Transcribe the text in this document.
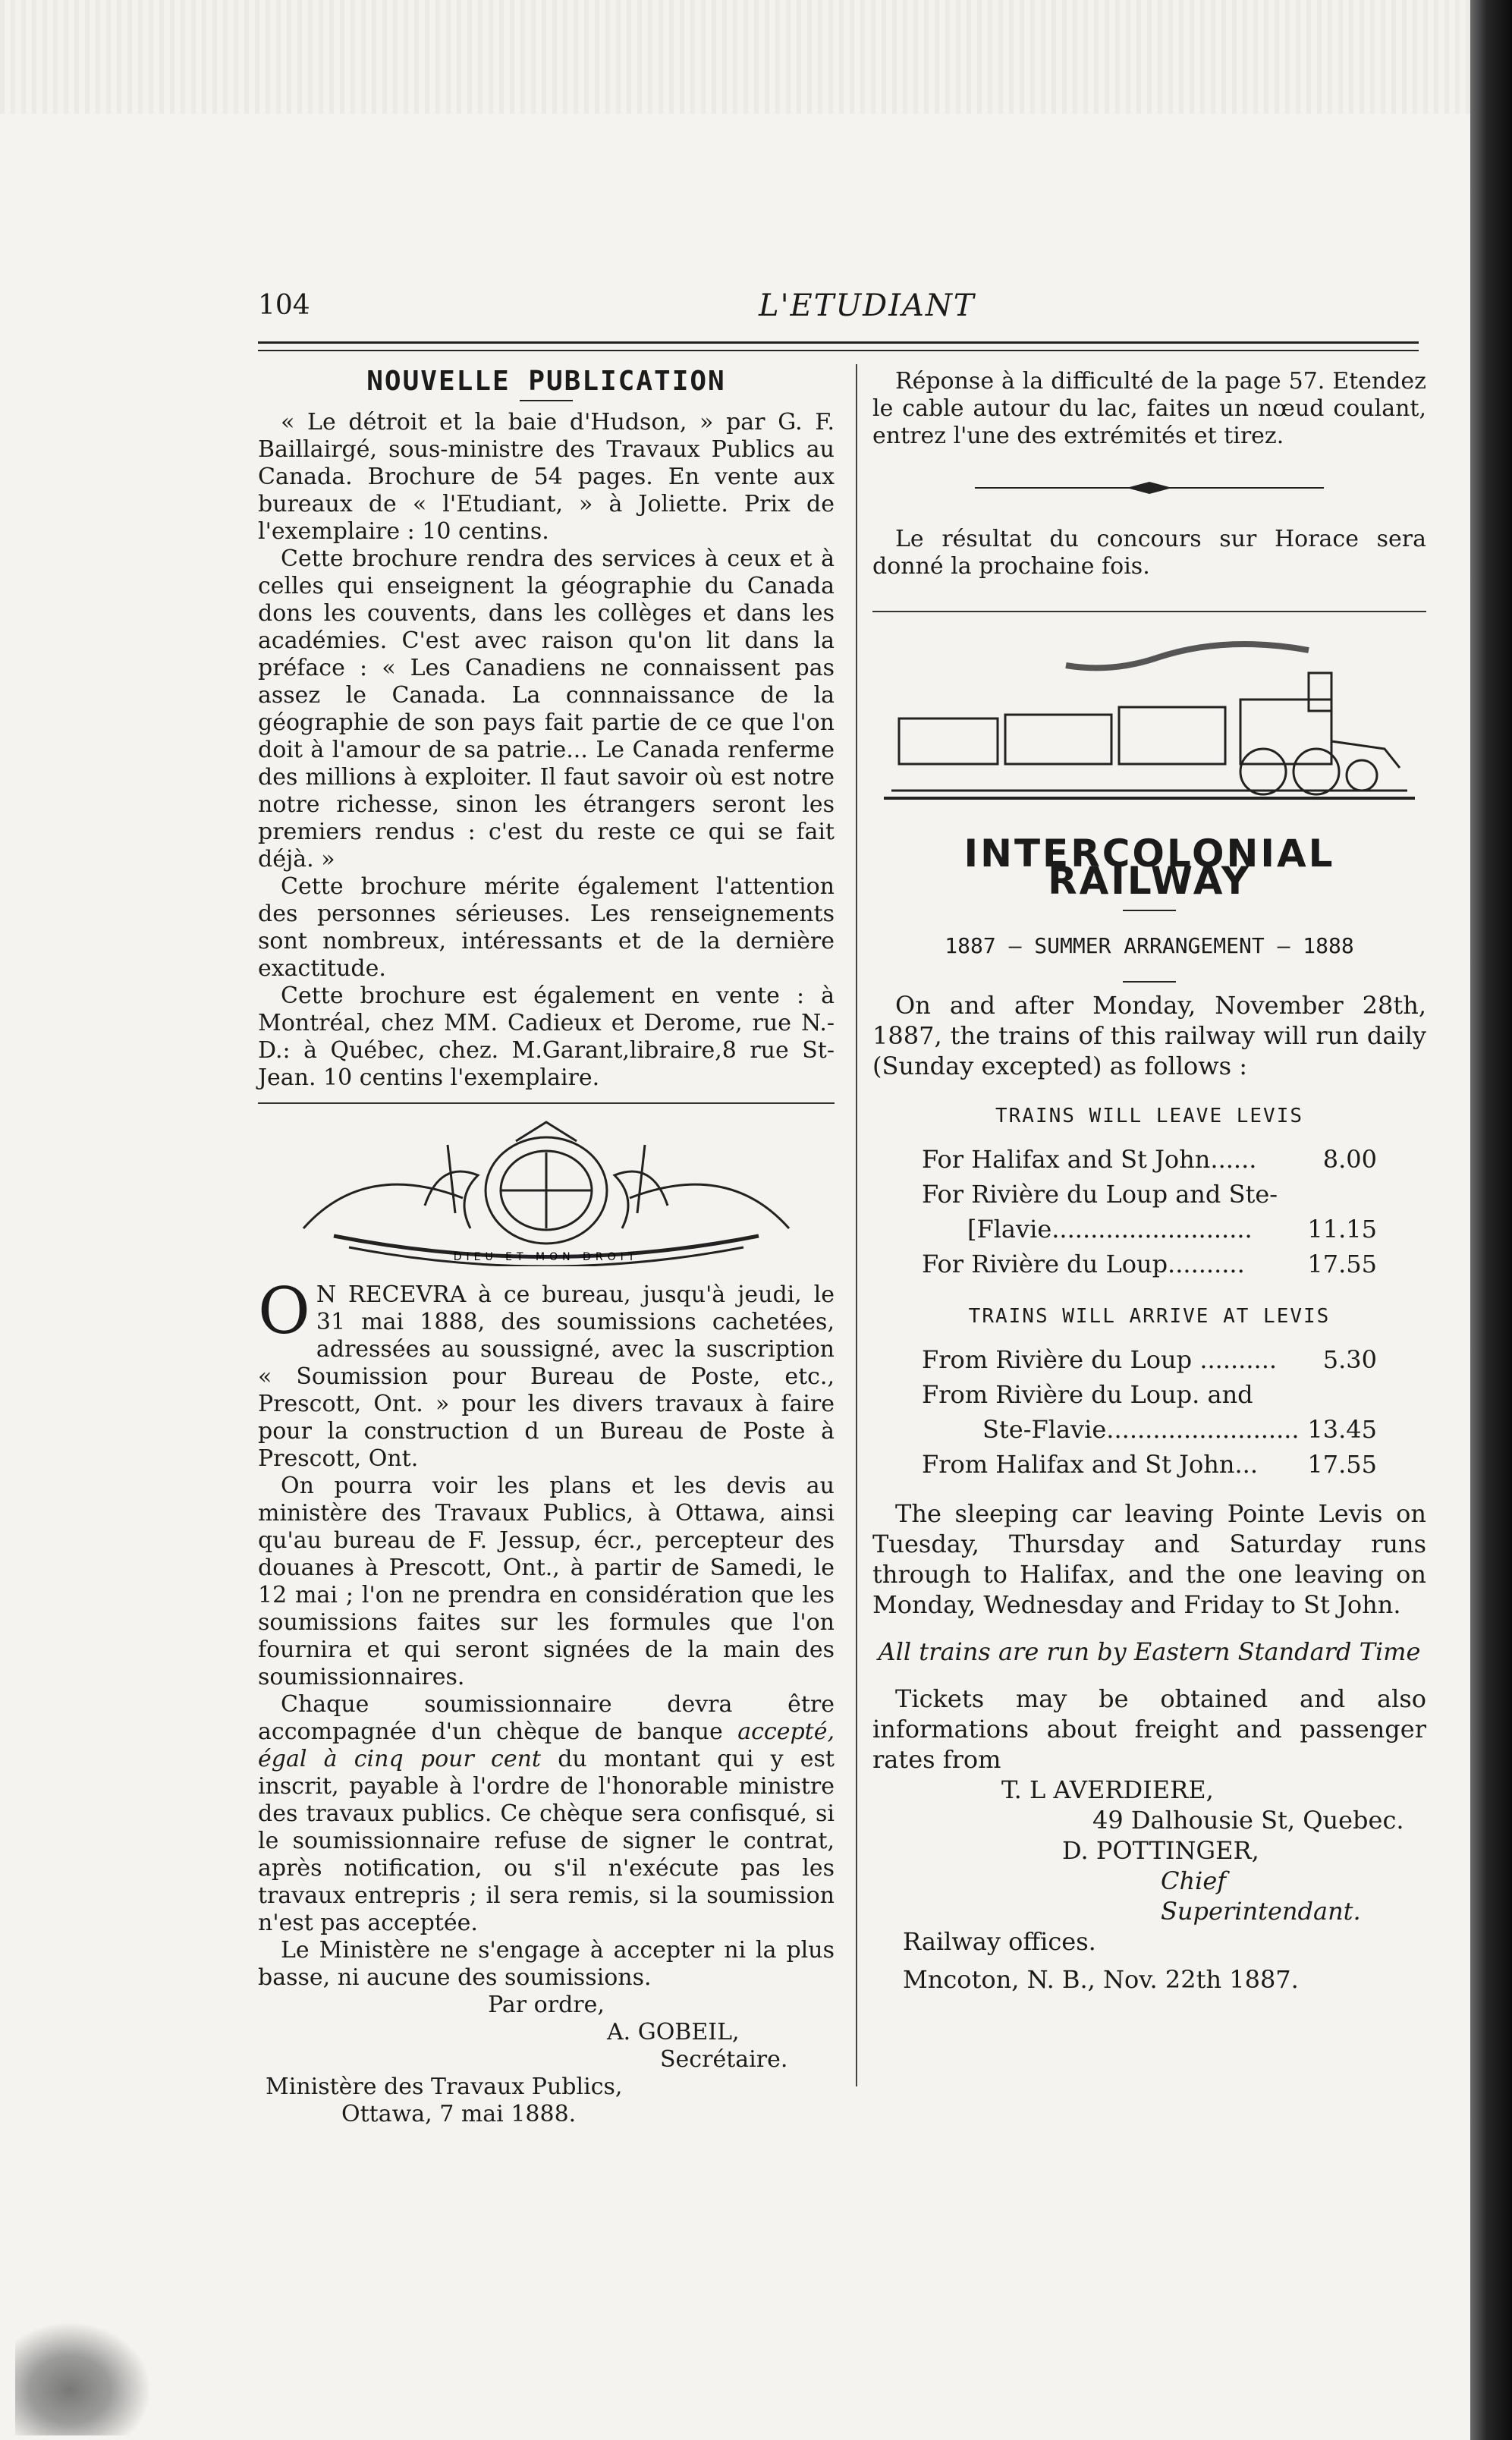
104	L'ETUDIANT
NOUVELLE PUBLICATION

« Le détroit et la baie d'Hudson, » par G. F. Baillairgé, sous-ministre des Travaux Publics au Canada. Brochure de 54 pages. En vente aux bureaux de « l'Etudiant, » à Joliette. Prix de l'exemplaire : 10 centins.

Cette brochure rendra des services à ceux et à celles qui enseignent la géographie du Canada dons les couvents, dans les collèges et dans les académies. C'est avec raison qu'on lit dans la préface : « Les Canadiens ne connaissent pas assez le Canada. La connnaissance de la géographie de son pays fait partie de ce que l'on doit à l'amour de sa patrie... Le Canada renferme des millions à exploiter. Il faut savoir où est notre notre richesse, sinon les étrangers seront les premiers rendus : c'est du reste ce qui se fait déjà. »

Cette brochure mérite également l'attention des personnes sérieuses. Les renseignements sont nombreux, intéressants et de la dernière exactitude.

Cette brochure est également en vente : à Montréal, chez MM. Cadieux et Derome, rue N.-D.: à Québec, chez. M.Garant,libraire,8 rue St-Jean. 10 centins l'exemplaire.

DIEU ET MON DROIT

O N RECEVRA à ce bureau, jusqu'à jeudi, le 31 mai 1888, des soumissions cachetées, adressées au soussigné, avec la suscription « Soumission pour Bureau de Poste, etc., Prescott, Ont. » pour les divers travaux à faire pour la construction d un Bureau de Poste à Prescott, Ont.

On pourra voir les plans et les devis au ministère des Travaux Publics, à Ottawa, ainsi qu'au bureau de F. Jessup, écr., percepteur des douanes à Prescott, Ont., à partir de Samedi, le 12 mai ; l'on ne prendra en considération que les soumissions faites sur les formules que l'on fournira et qui seront signées de la main des soumissionnaires.

Chaque soumissionnaire devra être accompagnée d'un chèque de banque accepté, égal à cinq pour cent du montant qui y est inscrit, payable à l'ordre de l'honorable ministre des travaux publics. Ce chèque sera confisqué, si le soumissionnaire refuse de signer le contrat, après notification, ou s'il n'exécute pas les travaux entrepris ; il sera remis, si la soumission n'est pas acceptée.

Le Ministère ne s'engage à accepter ni la plus basse, ni aucune des soumissions.

Par ordre,
A. GOBEIL,
Secrétaire.
Ministère des Travaux Publics,
Ottawa, 7 mai 1888.

Réponse à la difficulté de la page 57. Etendez le cable autour du lac, faites un nœud coulant, entrez l'une des extrémités et tirez.

Le résultat du concours sur Horace sera donné la prochaine fois.

INTERCOLONIAL RAILWAY
1887 — SUMMER ARRANGEMENT — 1888

On and after Monday, November 28th, 1887, the trains of this railway will run daily (Sunday excepted) as follows :

TRAINS WILL LEAVE LEVIS
For Halifax and St John......	8.00
For Rivière du Loup and Ste-
[Flavie.......................... 11.15
For Rivière du Loup..........	17.55
TRAINS WILL ARRIVE AT LEVIS
From Rivière du Loup .......... 5.30
From Rivière du Loup. and
Ste-Flavie......................... 13.45
From Halifax and St John... 17.55

The sleeping car leaving Pointe Levis on Tuesday, Thursday and Saturday runs through to Halifax, and the one leaving on Monday, Wednesday and Friday to St John.

All trains are run by Eastern Standard Time

Tickets may be obtained and also informations about freight and passenger rates from

T. L AVERDIERE,
49 Dalhousie St, Quebec.
D. POTTINGER,
Chief Superintendant.
Railway offices.
Mncoton, N. B., Nov. 22th 1887.
